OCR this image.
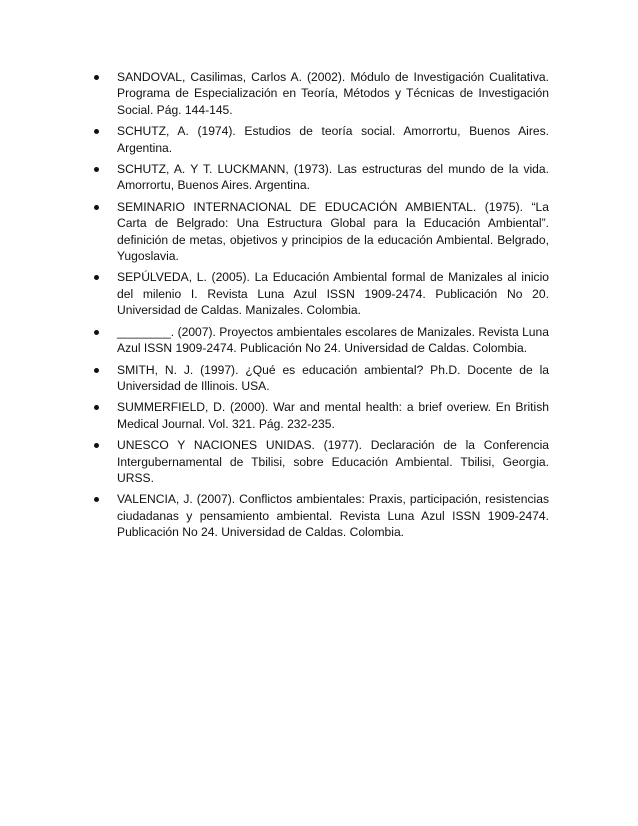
SANDOVAL, Casilimas, Carlos A. (2002). Módulo de Investigación Cualitativa. Programa de Especialización en Teoría, Métodos y Técnicas de Investigación Social. Pág. 144-145.
SCHUTZ, A. (1974). Estudios de teoría social. Amorrortu, Buenos Aires. Argentina.
SCHUTZ, A. Y T. LUCKMANN, (1973). Las estructuras del mundo de la vida. Amorrortu, Buenos Aires. Argentina.
SEMINARIO INTERNACIONAL DE EDUCACIÓN AMBIENTAL. (1975). “La Carta de Belgrado: Una Estructura Global para la Educación Ambiental”. definición de metas, objetivos y principios de la educación Ambiental. Belgrado, Yugoslavia.
SEPÚLVEDA, L. (2005). La Educación Ambiental formal de Manizales al inicio del milenio I. Revista Luna Azul ISSN 1909-2474. Publicación No 20. Universidad de Caldas. Manizales. Colombia.
________. (2007). Proyectos ambientales escolares de Manizales. Revista Luna Azul ISSN 1909-2474. Publicación No 24. Universidad de Caldas. Colombia.
SMITH, N. J. (1997). ¿Qué es educación ambiental? Ph.D. Docente de la Universidad de Illinois. USA.
SUMMERFIELD, D. (2000). War and mental health: a brief overiew. En British Medical Journal. Vol. 321. Pág. 232-235.
UNESCO Y NACIONES UNIDAS. (1977). Declaración de la Conferencia Intergubernamental de Tbilisi, sobre Educación Ambiental. Tbilisi, Georgia. URSS.
VALENCIA, J. (2007). Conflictos ambientales: Praxis, participación, resistencias ciudadanas y pensamiento ambiental. Revista Luna Azul ISSN 1909-2474. Publicación No 24. Universidad de Caldas. Colombia.
